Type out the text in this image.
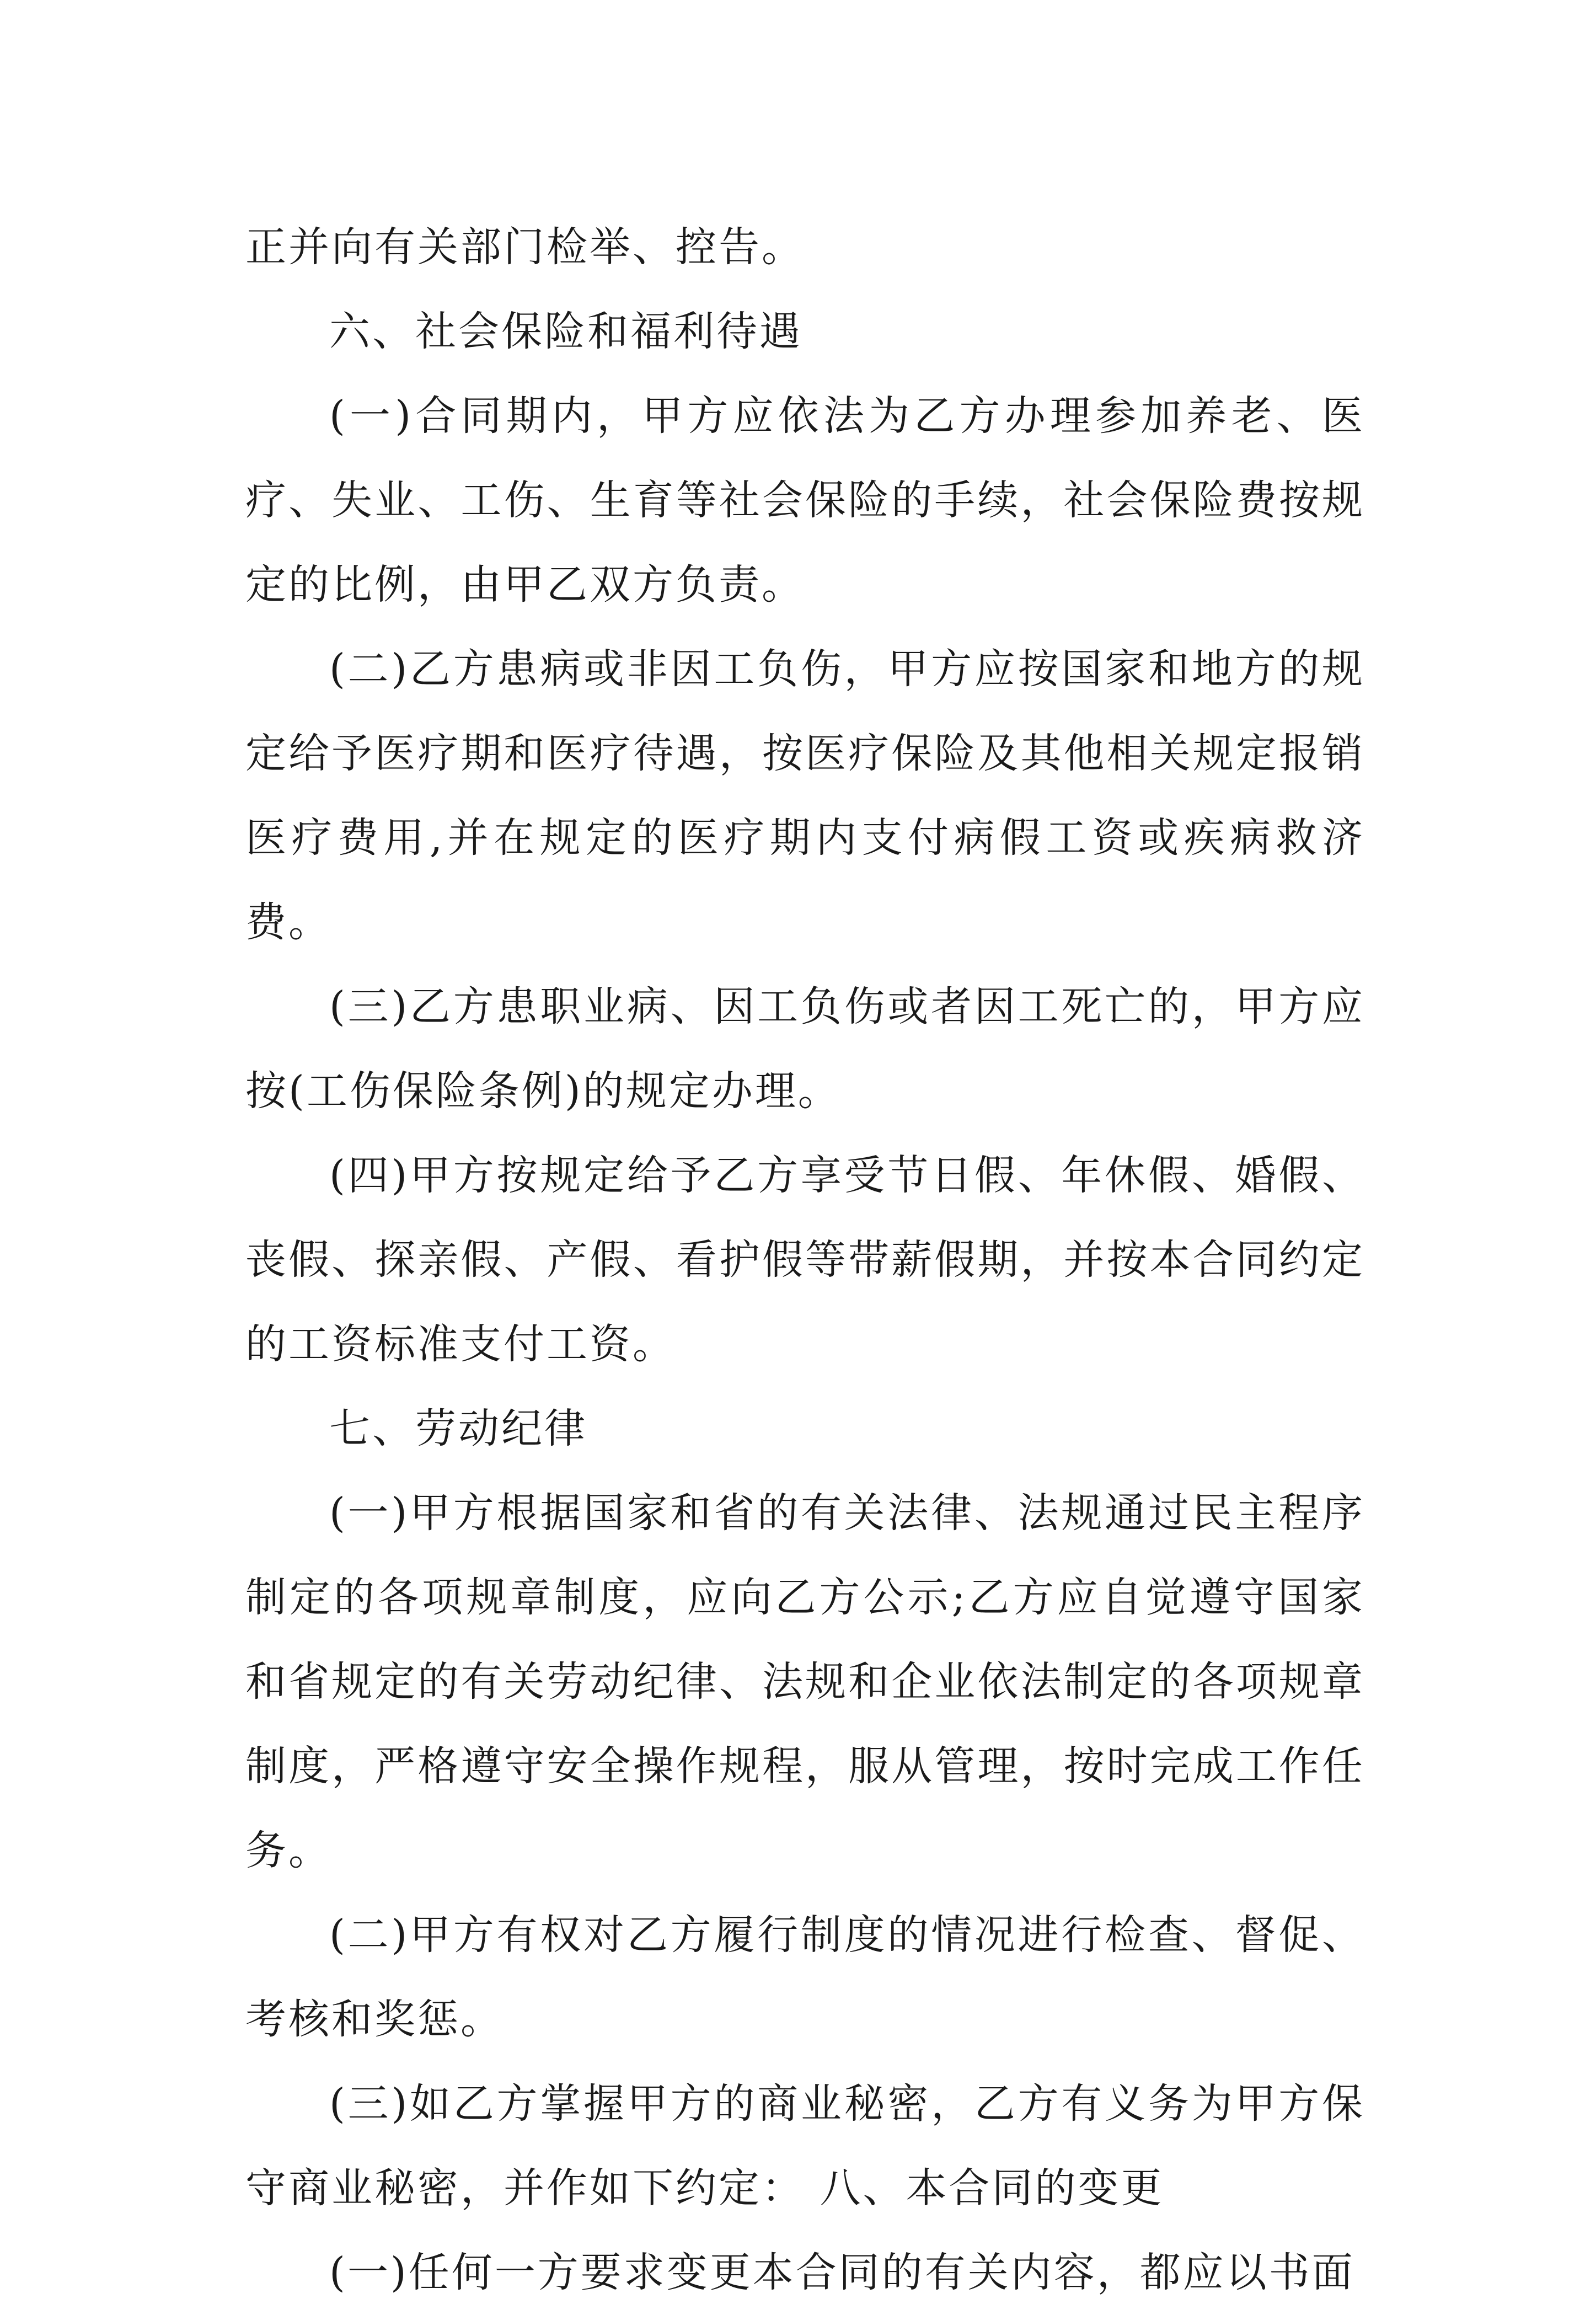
正并向有关部门检举、控告。

六、社会保险和福利待遇

(一)合同期内，甲方应依法为乙方办理参加养老、医疗、失业、工伤、生育等社会保险的手续，社会保险费按规定的比例，由甲乙双方负责。

(二)乙方患病或非因工负伤，甲方应按国家和地方的规定给予医疗期和医疗待遇，按医疗保险及其他相关规定报销医疗费用,并在规定的医疗期内支付病假工资或疾病救济费。

(三)乙方患职业病、因工负伤或者因工死亡的，甲方应按(工伤保险条例)的规定办理。

(四)甲方按规定给予乙方享受节日假、年休假、婚假、丧假、探亲假、产假、看护假等带薪假期，并按本合同约定的工资标准支付工资。

七、劳动纪律

(一)甲方根据国家和省的有关法律、法规通过民主程序制定的各项规章制度，应向乙方公示;乙方应自觉遵守国家和省规定的有关劳动纪律、法规和企业依法制定的各项规章制度，严格遵守安全操作规程，服从管理，按时完成工作任务。

(二)甲方有权对乙方履行制度的情况进行检查、督促、考核和奖惩。

(三)如乙方掌握甲方的商业秘密，乙方有义务为甲方保守商业秘密，并作如下约定： 八、本合同的变更

(一)任何一方要求变更本合同的有关内容，都应以书面
